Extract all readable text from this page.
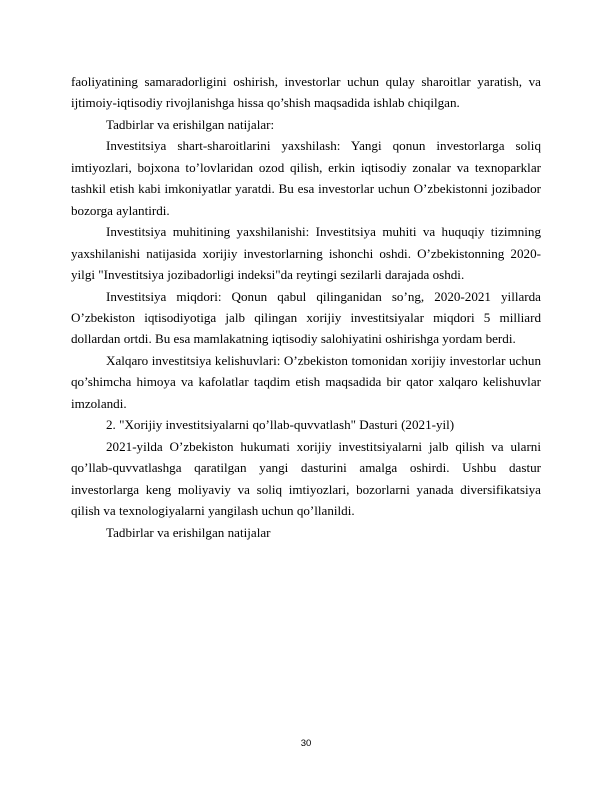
faoliyatining samaradorligini oshirish, investorlar uchun qulay sharoitlar yaratish, va ijtimoiy-iqtisodiy rivojlanishga hissa qo’shish maqsadida ishlab chiqilgan.

Tadbirlar va erishilgan natijalar:

Investitsiya shart-sharoitlarini yaxshilash: Yangi qonun investorlarga soliq imtiyozlari, bojxona to’lovlaridan ozod qilish, erkin iqtisodiy zonalar va texnoparklar tashkil etish kabi imkoniyatlar yaratdi. Bu esa investorlar uchun O’zbekistonni jozibador bozorga aylantirdi.

Investitsiya muhitining yaxshilanishi: Investitsiya muhiti va huquqiy tizimning yaxshilanishi natijasida xorijiy investorlarning ishonchi oshdi. O’zbekistonning 2020-yilgi "Investitsiya jozibadorligi indeksi"da reytingi sezilarli darajada oshdi.

Investitsiya miqdori: Qonun qabul qilinganidan so’ng, 2020-2021 yillarda O’zbekiston iqtisodiyotiga jalb qilingan xorijiy investitsiyalar miqdori 5 milliard dollardan ortdi. Bu esa mamlakatning iqtisodiy salohiyatini oshirishga yordam berdi.

Xalqaro investitsiya kelishuvlari: O’zbekiston tomonidan xorijiy investorlar uchun qo’shimcha himoya va kafolatlar taqdim etish maqsadida bir qator xalqaro kelishuvlar imzolandi.

2. "Xorijiy investitsiyalarni qo’llab-quvvatlash" Dasturi (2021-yil)

2021-yilda O’zbekiston hukumati xorijiy investitsiyalarni jalb qilish va ularni qo’llab-quvvatlashga qaratilgan yangi dasturini amalga oshirdi. Ushbu dastur investorlarga keng moliyaviy va soliq imtiyozlari, bozorlarni yanada diversifikatsiya qilish va texnologiyalarni yangilash uchun qo’llanildi.

Tadbirlar va erishilgan natijalar

30
